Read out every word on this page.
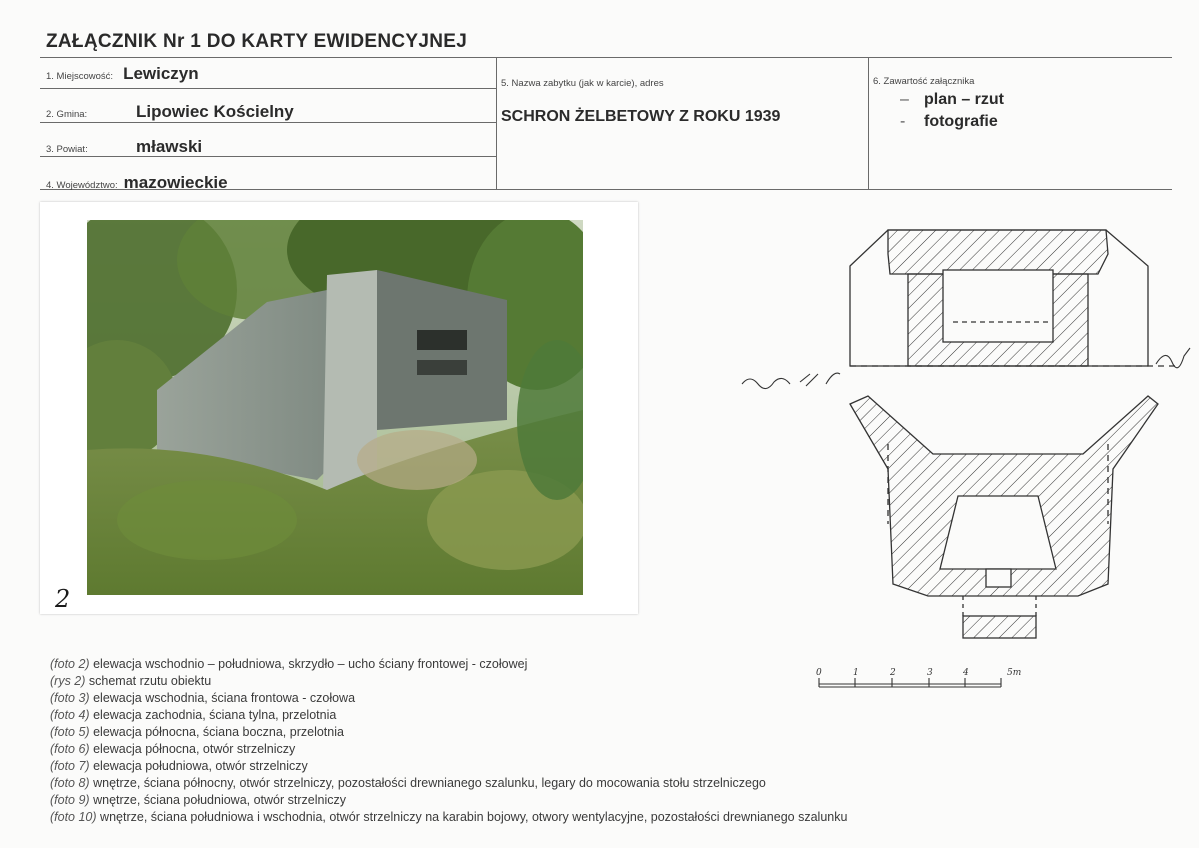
ZAŁĄCZNIK Nr 1 DO KARTY EWIDENCYJNEJ
1. Miejscowość: Lewiczyn
2. Gmina:	Lipowiec Kościelny
3. Powiat:	mławski
4. Województwo: mazowieckie
5. Nazwa zabytku (jak w karcie), adres
SCHRON ŻELBETOWY Z ROKU 1939
6. Zawartość załącznika
– plan – rzut
- fotografie
2
0	1	2	3	4	5m
(foto 2) elewacja wschodnio – południowa, skrzydło – ucho ściany frontowej - czołowej
(rys 2) schemat rzutu obiektu
(foto 3) elewacja wschodnia, ściana frontowa - czołowa
(foto 4) elewacja zachodnia, ściana tylna, przelotnia
(foto 5) elewacja północna, ściana boczna, przelotnia
(foto 6) elewacja północna, otwór strzelniczy
(foto 7) elewacja południowa, otwór strzelniczy
(foto 8) wnętrze, ściana północny, otwór strzelniczy, pozostałości drewnianego szalunku, legary do mocowania stołu strzelniczego
(foto 9) wnętrze, ściana południowa, otwór strzelniczy
(foto 10) wnętrze, ściana południowa i wschodnia, otwór strzelniczy na karabin bojowy, otwory wentylacyjne, pozostałości drewnianego szalunku
